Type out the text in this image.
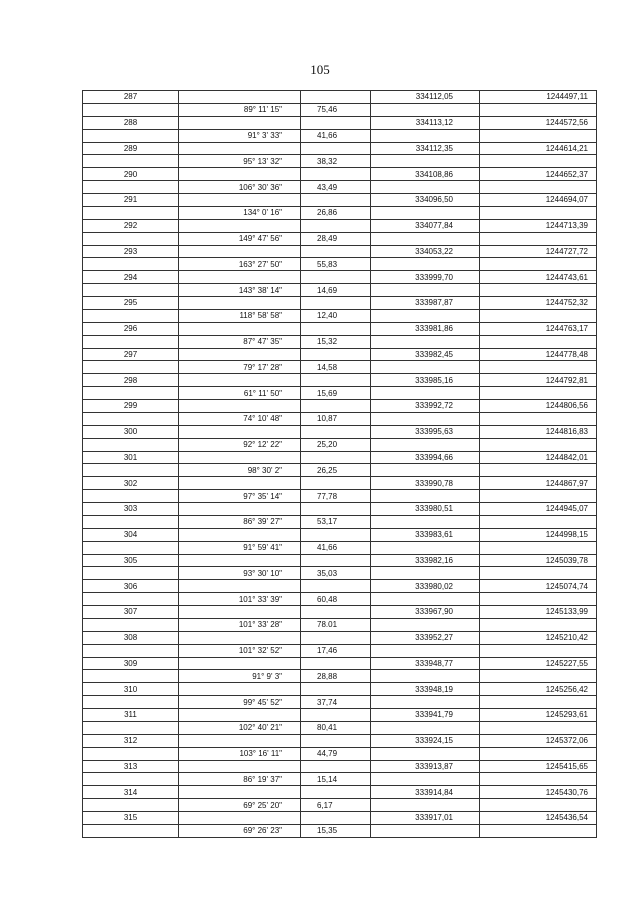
105
287			334112,05	1244497,11
	89° 11' 15"	75,46		
288			334113,12	1244572,56
	91° 3' 33"	41,66		
289			334112,35	1244614,21
	95° 13' 32"	38,32		
290			334108,86	1244652,37
	106° 30' 36"	43,49		
291			334096,50	1244694,07
	134° 0' 16"	26,86		
292			334077,84	1244713,39
	149° 47' 56"	28,49		
293			334053,22	1244727,72
	163° 27' 50"	55,83		
294			333999,70	1244743,61
	143° 38' 14"	14,69		
295			333987,87	1244752,32
	118° 58' 58"	12,40		
296			333981,86	1244763,17
	87° 47' 35"	15,32		
297			333982,45	1244778,48
	79° 17' 28"	14,58		
298			333985,16	1244792,81
	61° 11' 50"	15,69		
299			333992,72	1244806,56
	74° 10' 48"	10,87		
300			333995,63	1244816,83
	92° 12' 22"	25,20		
301			333994,66	1244842,01
	98° 30' 2"	26,25		
302			333990,78	1244867,97
	97° 35' 14"	77,78		
303			333980,51	1244945,07
	86° 39' 27"	53,17		
304			333983,61	1244998,15
	91° 59' 41"	41,66		
305			333982,16	1245039,78
	93° 30' 10"	35,03		
306			333980,02	1245074,74
	101° 33' 39"	60,48		
307			333967,90	1245133,99
	101° 33' 28"	78.01		
308			333952,27	1245210,42
	101° 32' 52"	17,46		
309			333948,77	1245227,55
	91° 9' 3"	28,88		
310			333948,19	1245256,42
	99° 45' 52"	37,74		
311			333941,79	1245293,61
	102° 40' 21"	80,41		
312			333924,15	1245372,06
	103° 16' 11"	44,79		
313			333913,87	1245415,65
	86° 19' 37"	15,14		
314			333914,84	1245430,76
	69° 25' 20"	6,17		
315			333917,01	1245436,54
	69° 26' 23"	15,35		
